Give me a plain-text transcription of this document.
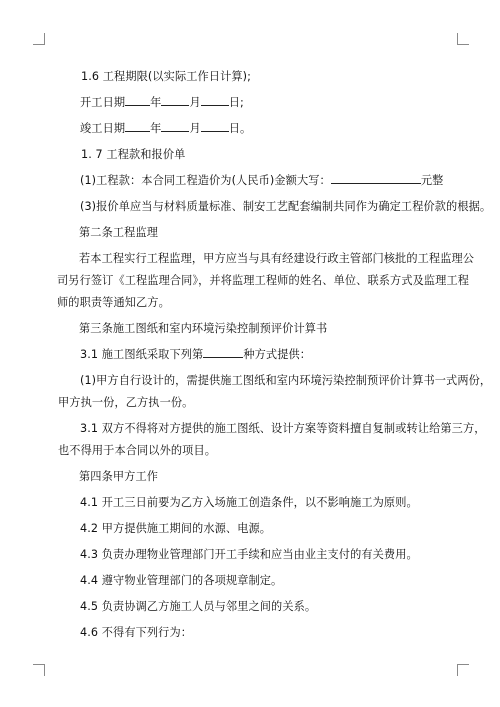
1.6 工程期限(以实际工作日计算);
开工日期 年	月	日;
竣工日期 年	月	日。
1. 7 工程款和报价单
(1)工程款：本合同工程造价为(人民币)金额大写：	元整
(3)报价单应当与材料质量标准、制安工艺配套编制共同作为确定工程价款的根据。
第二条工程监理
若本工程实行工程监理，甲方应当与具有经建设行政主管部门核批的工程监理公
司另行签订《工程监理合同》，并将监理工程师的姓名、单位、联系方式及监理工程
师的职责等通知乙方。
第三条施工图纸和室内环境污染控制预评价计算书
3.1 施工图纸采取下列第	种方式提供：
(1)甲方自行设计的，需提供施工图纸和室内环境污染控制预评价计算书一式两份，
甲方执一份，乙方执一份。
3.1 双方不得将对方提供的施工图纸、设计方案等资料擅自复制或转让给第三方，
也不得用于本合同以外的项目。
第四条甲方工作
4.1 开工三日前要为乙方入场施工创造条件，以不影响施工为原则。
4.2 甲方提供施工期间的水源、电源。
4.3 负责办理物业管理部门开工手续和应当由业主支付的有关费用。
4.4 遵守物业管理部门的各项规章制定。
4.5 负责协调乙方施工人员与邻里之间的关系。
4.6 不得有下列行为：
